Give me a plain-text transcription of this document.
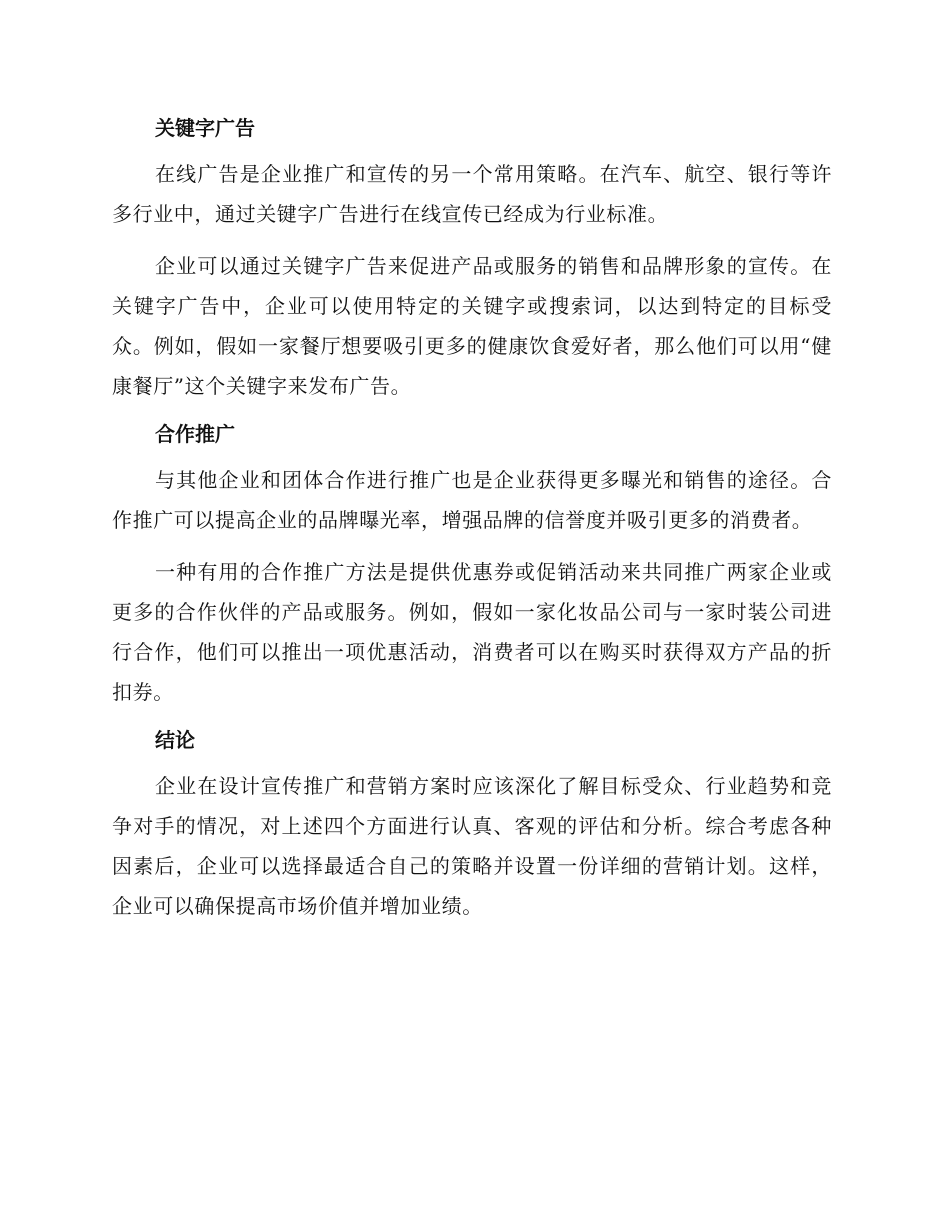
关键字广告

在线广告是企业推广和宣传的另一个常用策略。在汽车、航空、银行等许多行业中，通过关键字广告进行在线宣传已经成为行业标准。

企业可以通过关键字广告来促进产品或服务的销售和品牌形象的宣传。在关键字广告中，企业可以使用特定的关键字或搜索词，以达到特定的目标受众。例如，假如一家餐厅想要吸引更多的健康饮食爱好者，那么他们可以用“健康餐厅”这个关键字来发布广告。

合作推广

与其他企业和团体合作进行推广也是企业获得更多曝光和销售的途径。合作推广可以提高企业的品牌曝光率，增强品牌的信誉度并吸引更多的消费者。

一种有用的合作推广方法是提供优惠券或促销活动来共同推广两家企业或更多的合作伙伴的产品或服务。例如，假如一家化妆品公司与一家时装公司进行合作，他们可以推出一项优惠活动，消费者可以在购买时获得双方产品的折扣券。

结论

企业在设计宣传推广和营销方案时应该深化了解目标受众、行业趋势和竞争对手的情况，对上述四个方面进行认真、客观的评估和分析。综合考虑各种因素后，企业可以选择最适合自己的策略并设置一份详细的营销计划。这样，企业可以确保提高市场价值并增加业绩。
